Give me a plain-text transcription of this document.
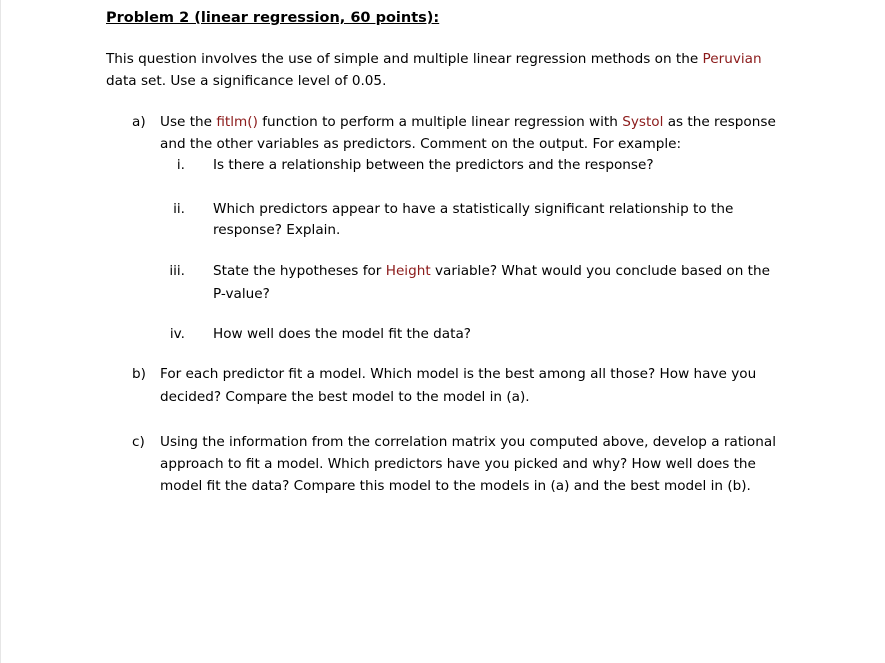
Problem 2 (linear regression, 60 points):
This question involves the use of simple and multiple linear regression methods on the Peruvian
data set. Use a significance level of 0.05.
a) Use the fitlm() function to perform a multiple linear regression with Systol as the response
and the other variables as predictors. Comment on the output. For example:
i. Is there a relationship between the predictors and the response?
ii. Which predictors appear to have a statistically significant relationship to the
response? Explain.
iii. State the hypotheses for Height variable? What would you conclude based on the
P-value?
iv. How well does the model fit the data?
b) For each predictor fit a model. Which model is the best among all those? How have you
decided? Compare the best model to the model in (a).
c) Using the information from the correlation matrix you computed above, develop a rational
approach to fit a model. Which predictors have you picked and why? How well does the
model fit the data? Compare this model to the models in (a) and the best model in (b).
